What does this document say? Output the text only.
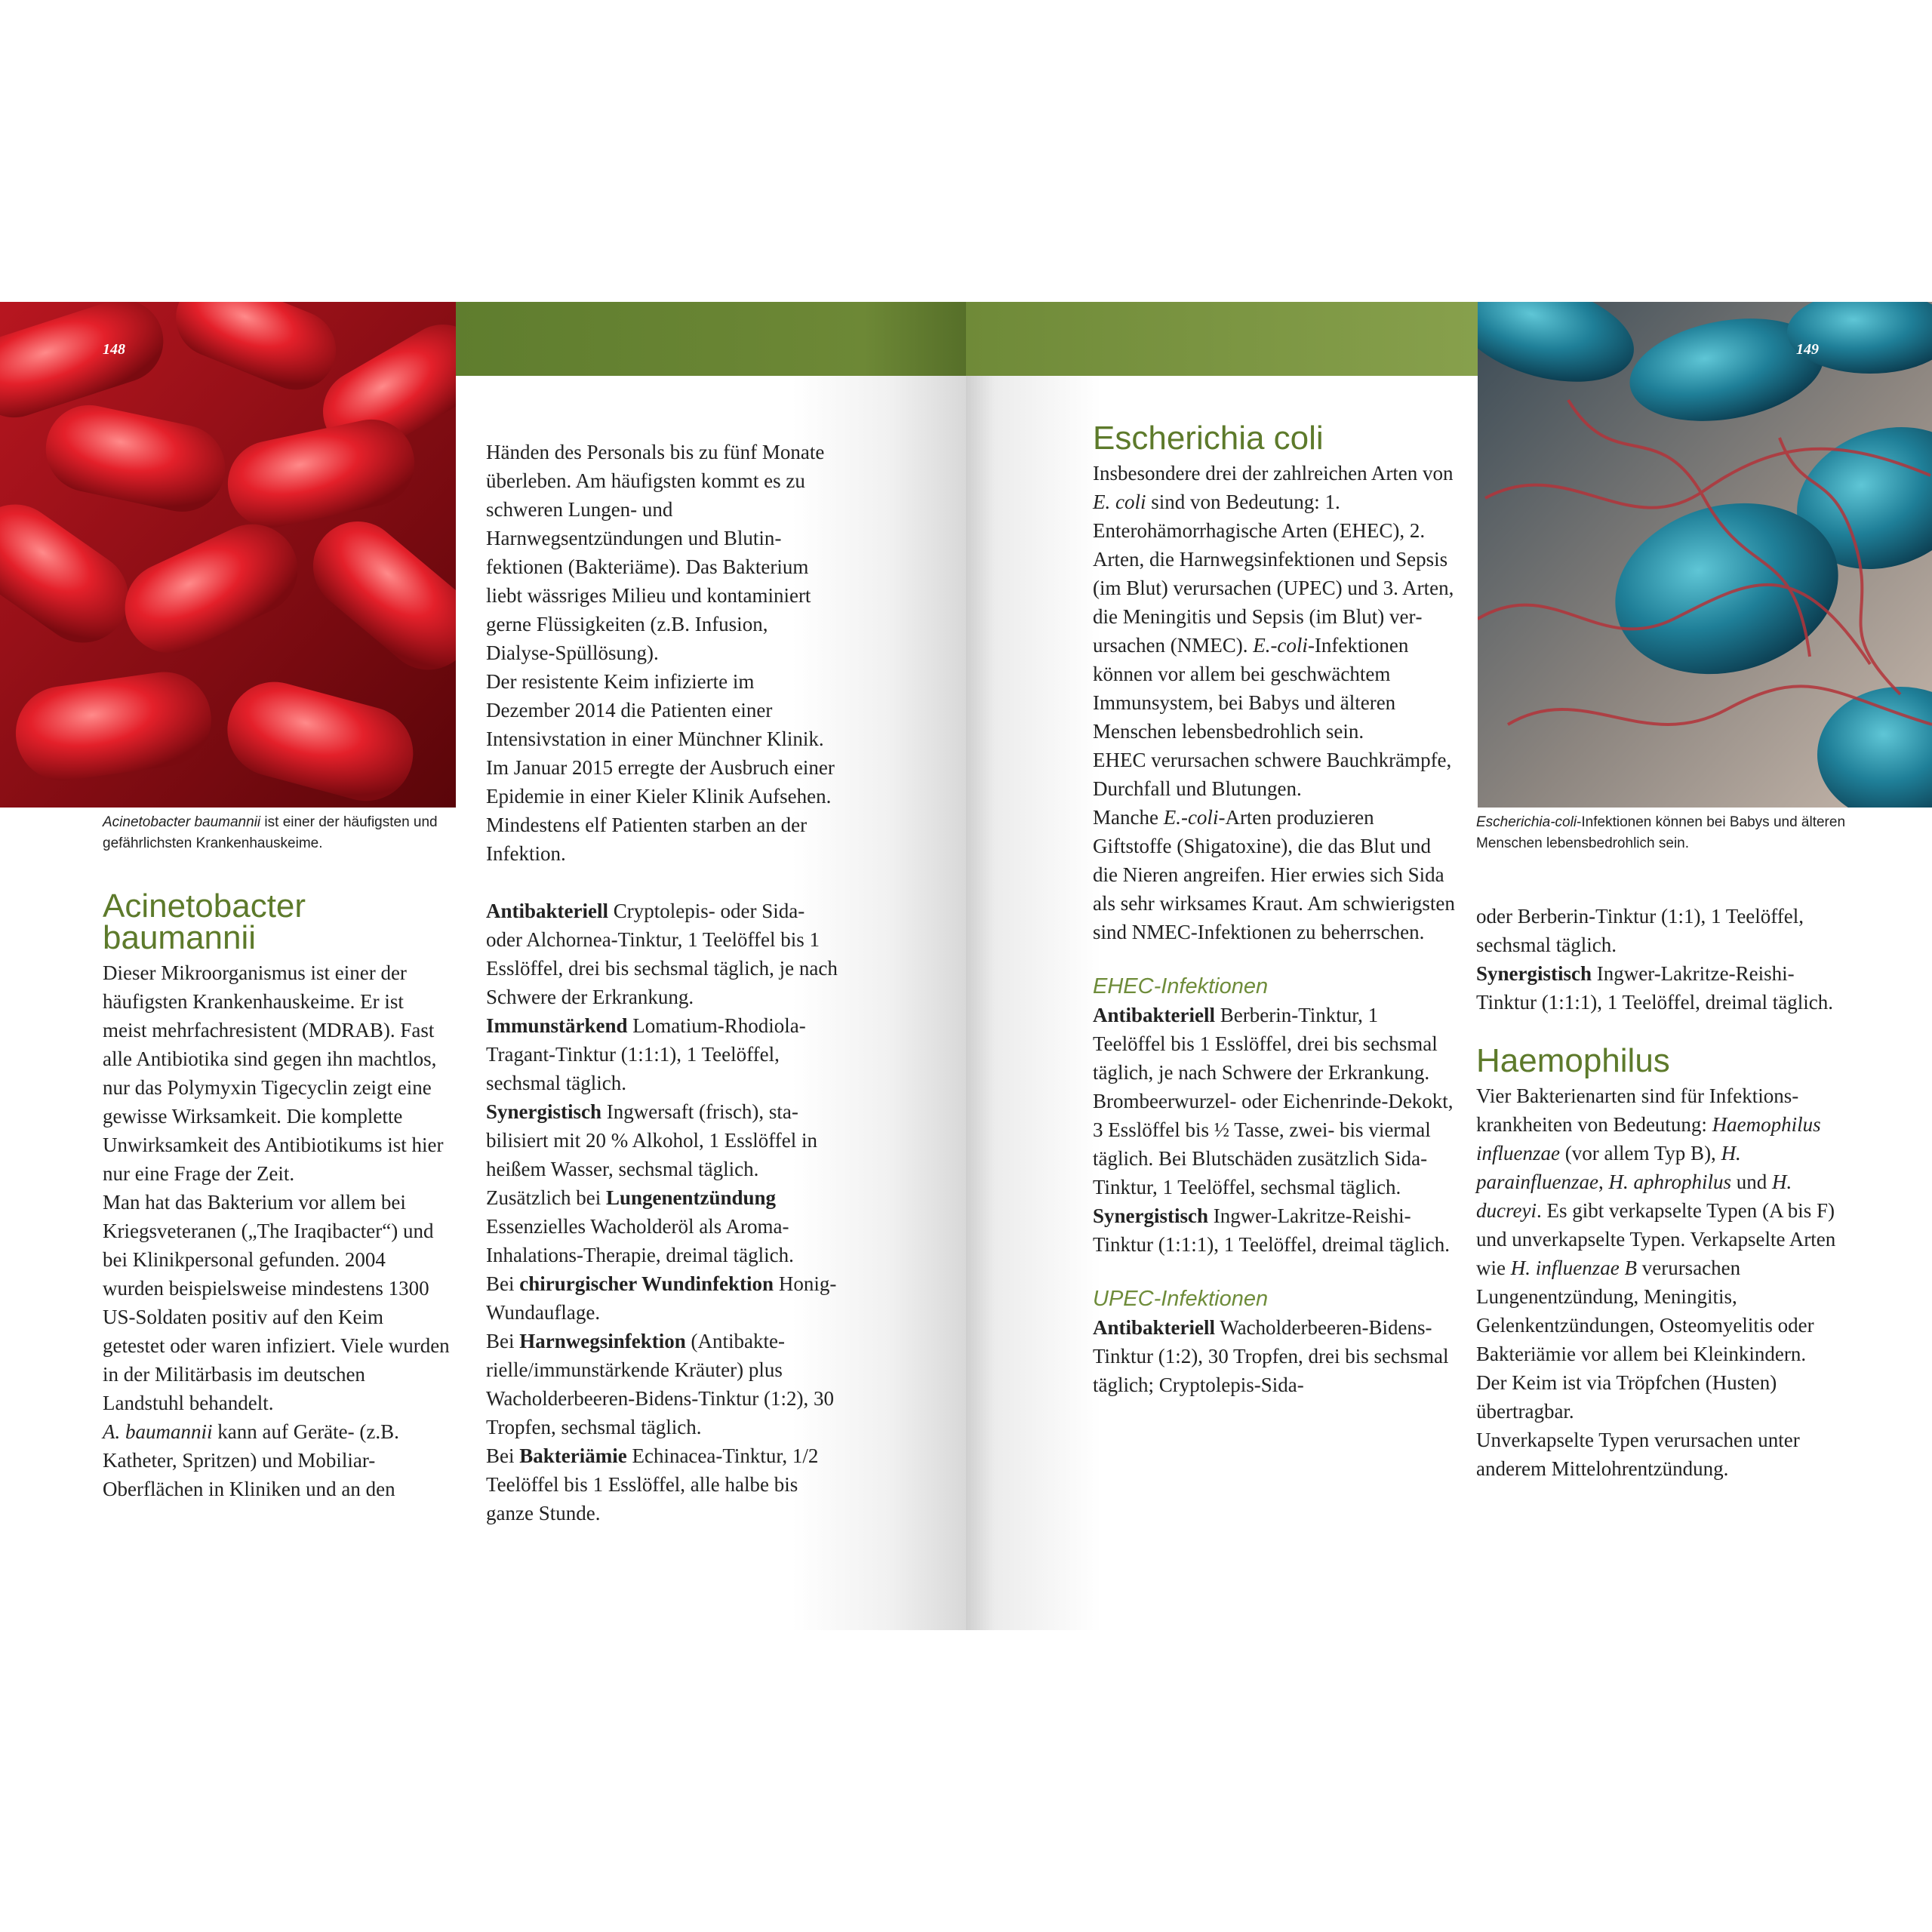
148	149
Acinetobacter baumannii ist einer der häufigsten und gefährlichsten Krankenhauskeime.
Escherichia-coli-Infektionen können bei Babys und älteren Menschen lebensbedrohlich sein.
Acinetobacter
baumannii

Dieser Mikroorganismus ist einer der häufigsten Krankenhauskeime. Er ist meist mehrfachresistent (MDRAB). Fast alle Antibiotika sind gegen ihn machtlos, nur das Polymyxin Tigecyclin zeigt eine gewisse Wirksamkeit. Die komplette Unwirksamkeit des Antibiotikums ist hier nur eine Frage der Zeit.

Man hat das Bakterium vor allem bei Kriegsveteranen („The Iraqibacter“) und bei Klinikpersonal gefunden. 2004 wurden beispielsweise mindestens 1300 US-Soldaten positiv auf den Keim getestet oder waren infiziert. Viele wurden in der Militärbasis im deutschen Landstuhl behandelt.

A. baumannii kann auf Geräte- (z.B. Katheter, Spritzen) und Mobiliar-Oberflächen in Kliniken und an den

Händen des Personals bis zu fünf Monate überleben. Am häufigsten kommt es zu schweren Lungen- und Harnwegsentzündungen und Blutinfektionen (Bakteriäme). Das Bakterium liebt wässriges Milieu und kontaminiert gerne Flüssigkeiten (z.B. Infusion, Dialyse-Spüllösung).

Der resistente Keim infizierte im Dezember 2014 die Patienten einer Intensivstation in einer Münchner Klinik. Im Januar 2015 erregte der Ausbruch einer Epidemie in einer Kieler Klinik Aufsehen. Mindestens elf Patienten starben an der Infektion.

Antibakteriell Cryptolepis- oder Sida- oder Alchornea-Tinktur, 1 Teelöffel bis 1 Esslöffel, drei bis sechsmal täglich, je nach Schwere der Erkrankung.

Immunstärkend Lomatium-Rhodiola-Tragant-Tinktur (1:1:1), 1 Teelöffel, sechsmal täglich.

Synergistisch Ingwersaft (frisch), stabilisiert mit 20 % Alkohol, 1 Esslöffel in heißem Wasser, sechsmal täglich.

Zusätzlich bei Lungenentzündung Essenzielles Wacholderöl als Aroma-Inhalations-Therapie, dreimal täglich.

Bei chirurgischer Wundinfektion Honig-Wundauflage.

Bei Harnwegsinfektion (Antibakterielle/immunstärkende Kräuter) plus Wacholderbeeren-Bidens-Tinktur (1:2), 30 Tropfen, sechsmal täglich.

Bei Bakteriämie Echinacea-Tinktur, 1/2 Teelöffel bis 1 Esslöffel, alle halbe bis ganze Stunde.

Escherichia coli

Insbesondere drei der zahlreichen Arten von E. coli sind von Bedeutung: 1. Enterohämorrhagische Arten (EHEC), 2. Arten, die Harnwegsinfektionen und Sepsis (im Blut) verursachen (UPEC) und 3. Arten, die Meningitis und Sepsis (im Blut) verursachen (NMEC). E.-coli-Infektionen können vor allem bei geschwächtem Immunsystem, bei Babys und älteren Menschen lebensbedrohlich sein.

EHEC verursachen schwere Bauchkrämpfe, Durchfall und Blutungen.

Manche E.-coli-Arten produzieren Giftstoffe (Shigatoxine), die das Blut und die Nieren angreifen. Hier erwies sich Sida als sehr wirksames Kraut. Am schwierigsten sind NMEC-Infektionen zu beherrschen.

EHEC-Infektionen

Antibakteriell Berberin-Tinktur, 1 Teelöffel bis 1 Esslöffel, drei bis sechsmal täglich, je nach Schwere der Erkrankung. Brombeerwurzel- oder Eichenrinde-Dekokt, 3 Esslöffel bis ½ Tasse, zwei- bis viermal täglich. Bei Blutschäden zusätzlich Sida-Tinktur, 1 Teelöffel, sechsmal täglich.

Synergistisch Ingwer-Lakritze-Reishi-Tinktur (1:1:1), 1 Teelöffel, dreimal täglich.

UPEC-Infektionen

Antibakteriell Wacholderbeeren-Bidens-Tinktur (1:2), 30 Tropfen, drei bis sechsmal täglich; Cryptolepis-Sida-

oder Berberin-Tinktur (1:1), 1 Teelöffel, sechsmal täglich.

Synergistisch Ingwer-Lakritze-Reishi-Tinktur (1:1:1), 1 Teelöffel, dreimal täglich.

Haemophilus

Vier Bakterienarten sind für Infektionskrankheiten von Bedeutung: Haemophilus influenzae (vor allem Typ B), H. parainfluenzae, H. aphrophilus und H. ducreyi. Es gibt verkapselte Typen (A bis F) und unverkapselte Typen. Verkapselte Arten wie H. influenzae B verursachen Lungenentzündung, Meningitis, Gelenkentzündungen, Osteomyelitis oder Bakteriämie vor allem bei Kleinkindern. Der Keim ist via Tröpfchen (Husten) übertragbar.

Unverkapselte Typen verursachen unter anderem Mittelohrentzündung.
